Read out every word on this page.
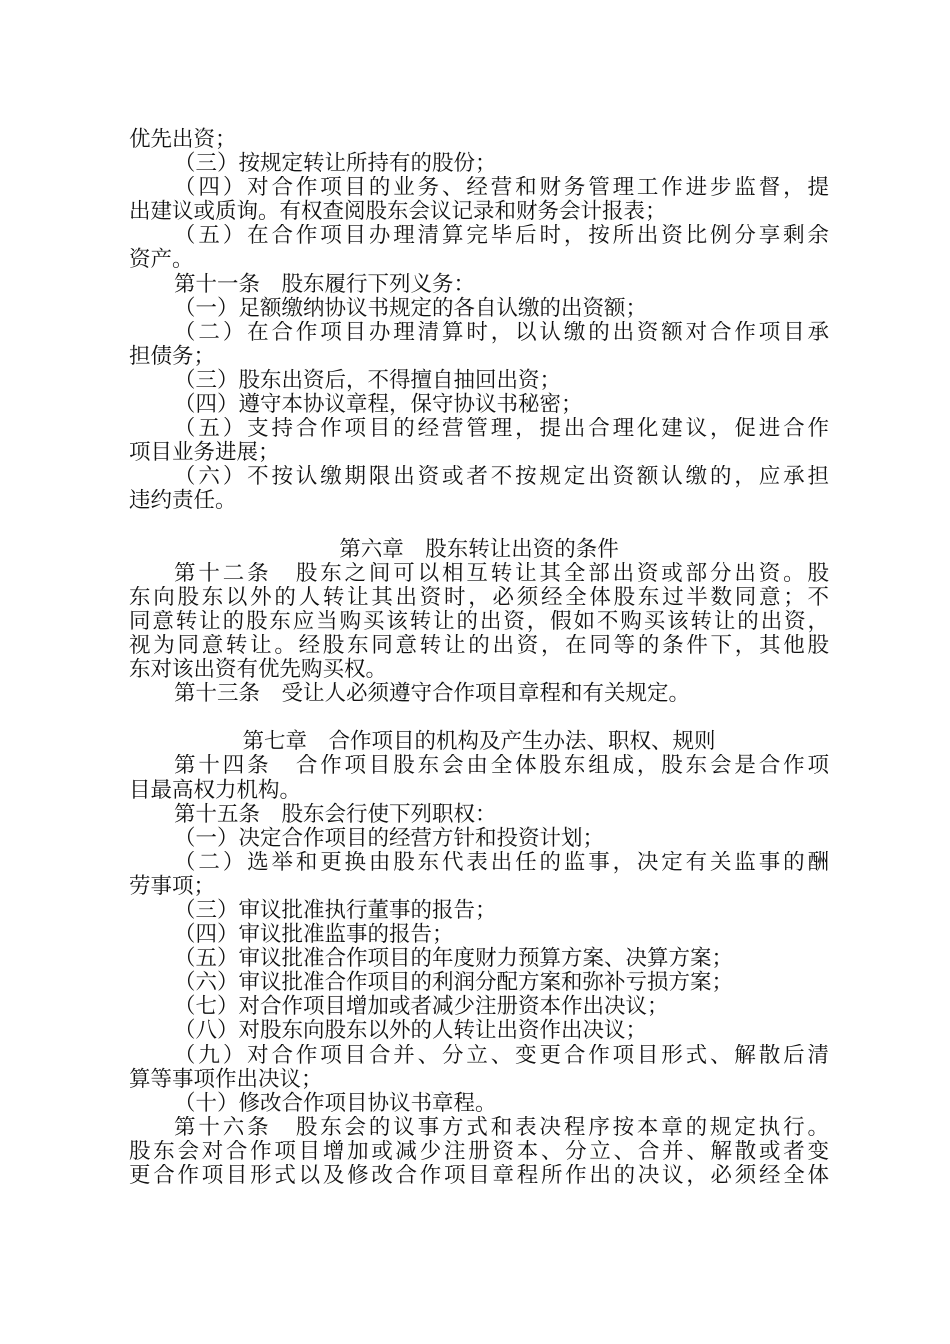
优先出资；
（三）按规定转让所持有的股份；
（四）对合作项目的业务、经营和财务管理工作进步监督，提
出建议或质询。有权查阅股东会议记录和财务会计报表；
（五）在合作项目办理清算完毕后时，按所出资比例分享剩余
资产。
第十一条　股东履行下列义务：
（一）足额缴纳协议书规定的各自认缴的出资额；
（二）在合作项目办理清算时，以认缴的出资额对合作项目承
担债务；
（三）股东出资后，不得擅自抽回出资；
（四）遵守本协议章程，保守协议书秘密；
（五）支持合作项目的经营管理，提出合理化建议，促进合作
项目业务进展；
（六）不按认缴期限出资或者不按规定出资额认缴的，应承担
违约责任。
第六章　股东转让出资的条件
第十二条　股东之间可以相互转让其全部出资或部分出资。股
东向股东以外的人转让其出资时，必须经全体股东过半数同意；不
同意转让的股东应当购买该转让的出资，假如不购买该转让的出资，
视为同意转让。经股东同意转让的出资，在同等的条件下，其他股
东对该出资有优先购买权。
第十三条　受让人必须遵守合作项目章程和有关规定。
第七章　合作项目的机构及产生办法、职权、规则
第十四条　合作项目股东会由全体股东组成，股东会是合作项
目最高权力机构。
第十五条　股东会行使下列职权：
（一）决定合作项目的经营方针和投资计划；
（二）选举和更换由股东代表出任的监事，决定有关监事的酬
劳事项；
（三）审议批准执行董事的报告；
（四）审议批准监事的报告；
（五）审议批准合作项目的年度财力预算方案、决算方案；
（六）审议批准合作项目的利润分配方案和弥补亏损方案；
（七）对合作项目增加或者减少注册资本作出决议；
（八）对股东向股东以外的人转让出资作出决议；
（九）对合作项目合并、分立、变更合作项目形式、解散后清
算等事项作出决议；
（十）修改合作项目协议书章程。
第十六条　股东会的议事方式和表决程序按本章的规定执行。
股东会对合作项目增加或减少注册资本、分立、合并、解散或者变
更合作项目形式以及修改合作项目章程所作出的决议，必须经全体
